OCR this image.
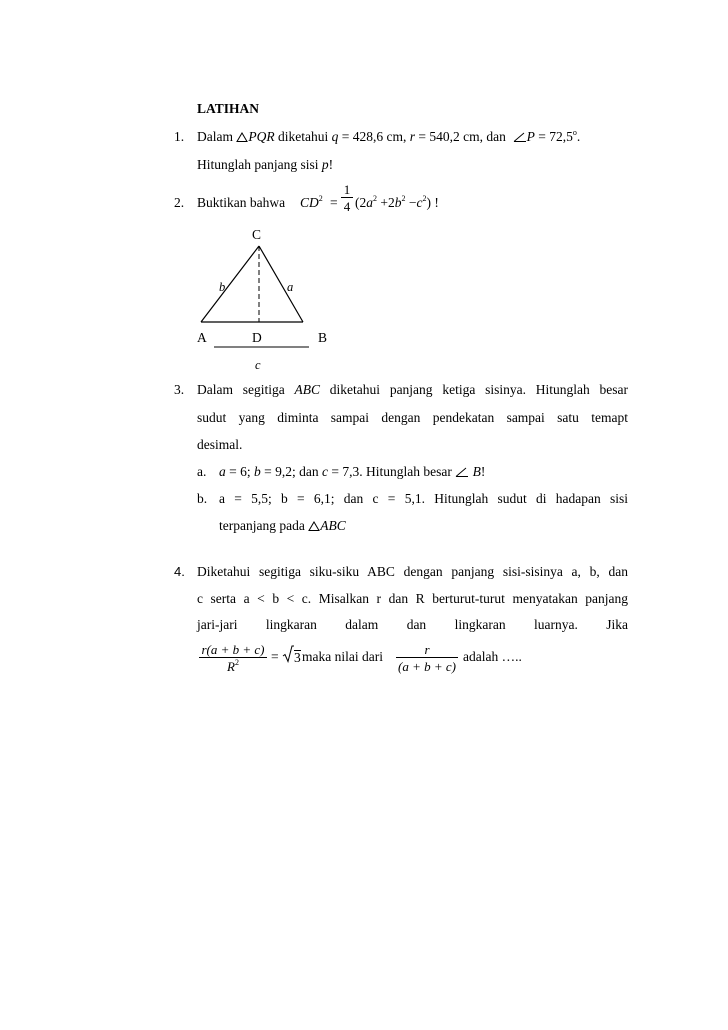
LATIHAN
1. Dalam PQR diketahui q = 428,6 cm, r = 540,2 cm, dan  $P = 72,5^o$.
Hitunglah panjang sisi p!
2. Buktikan bahwa $CD^2$ =
1
4 $(2a^2 +2b^2 -c^2)$ !
C
b	a
A	D	B
c
3. Dalam segitiga ABC diketahui panjang ketiga sisinya. Hitunglah besar
sudut yang diminta sampai dengan pendekatan sampai satu temapt
desimal.
a. a = 6; b = 9,2; dan c = 7,3. Hitunglah besar  B!
b. a = 5,5; b = 6,1; dan c = 5,1. Hitunglah sudut di hadapan sisi
terpanjang pada ABC
4. Diketahui segitiga siku-siku ABC dengan panjang sisi-sisinya a, b, dan
c serta a < b < c. Misalkan r dan R berturut-turut menyatakan panjang
jari-jari lingkaran dalam dan lingkaran luarnya. Jika
r(a + b + c)
$R^2$	= 3 maka nilai dari	r
(a + b + c)
adalah …..
